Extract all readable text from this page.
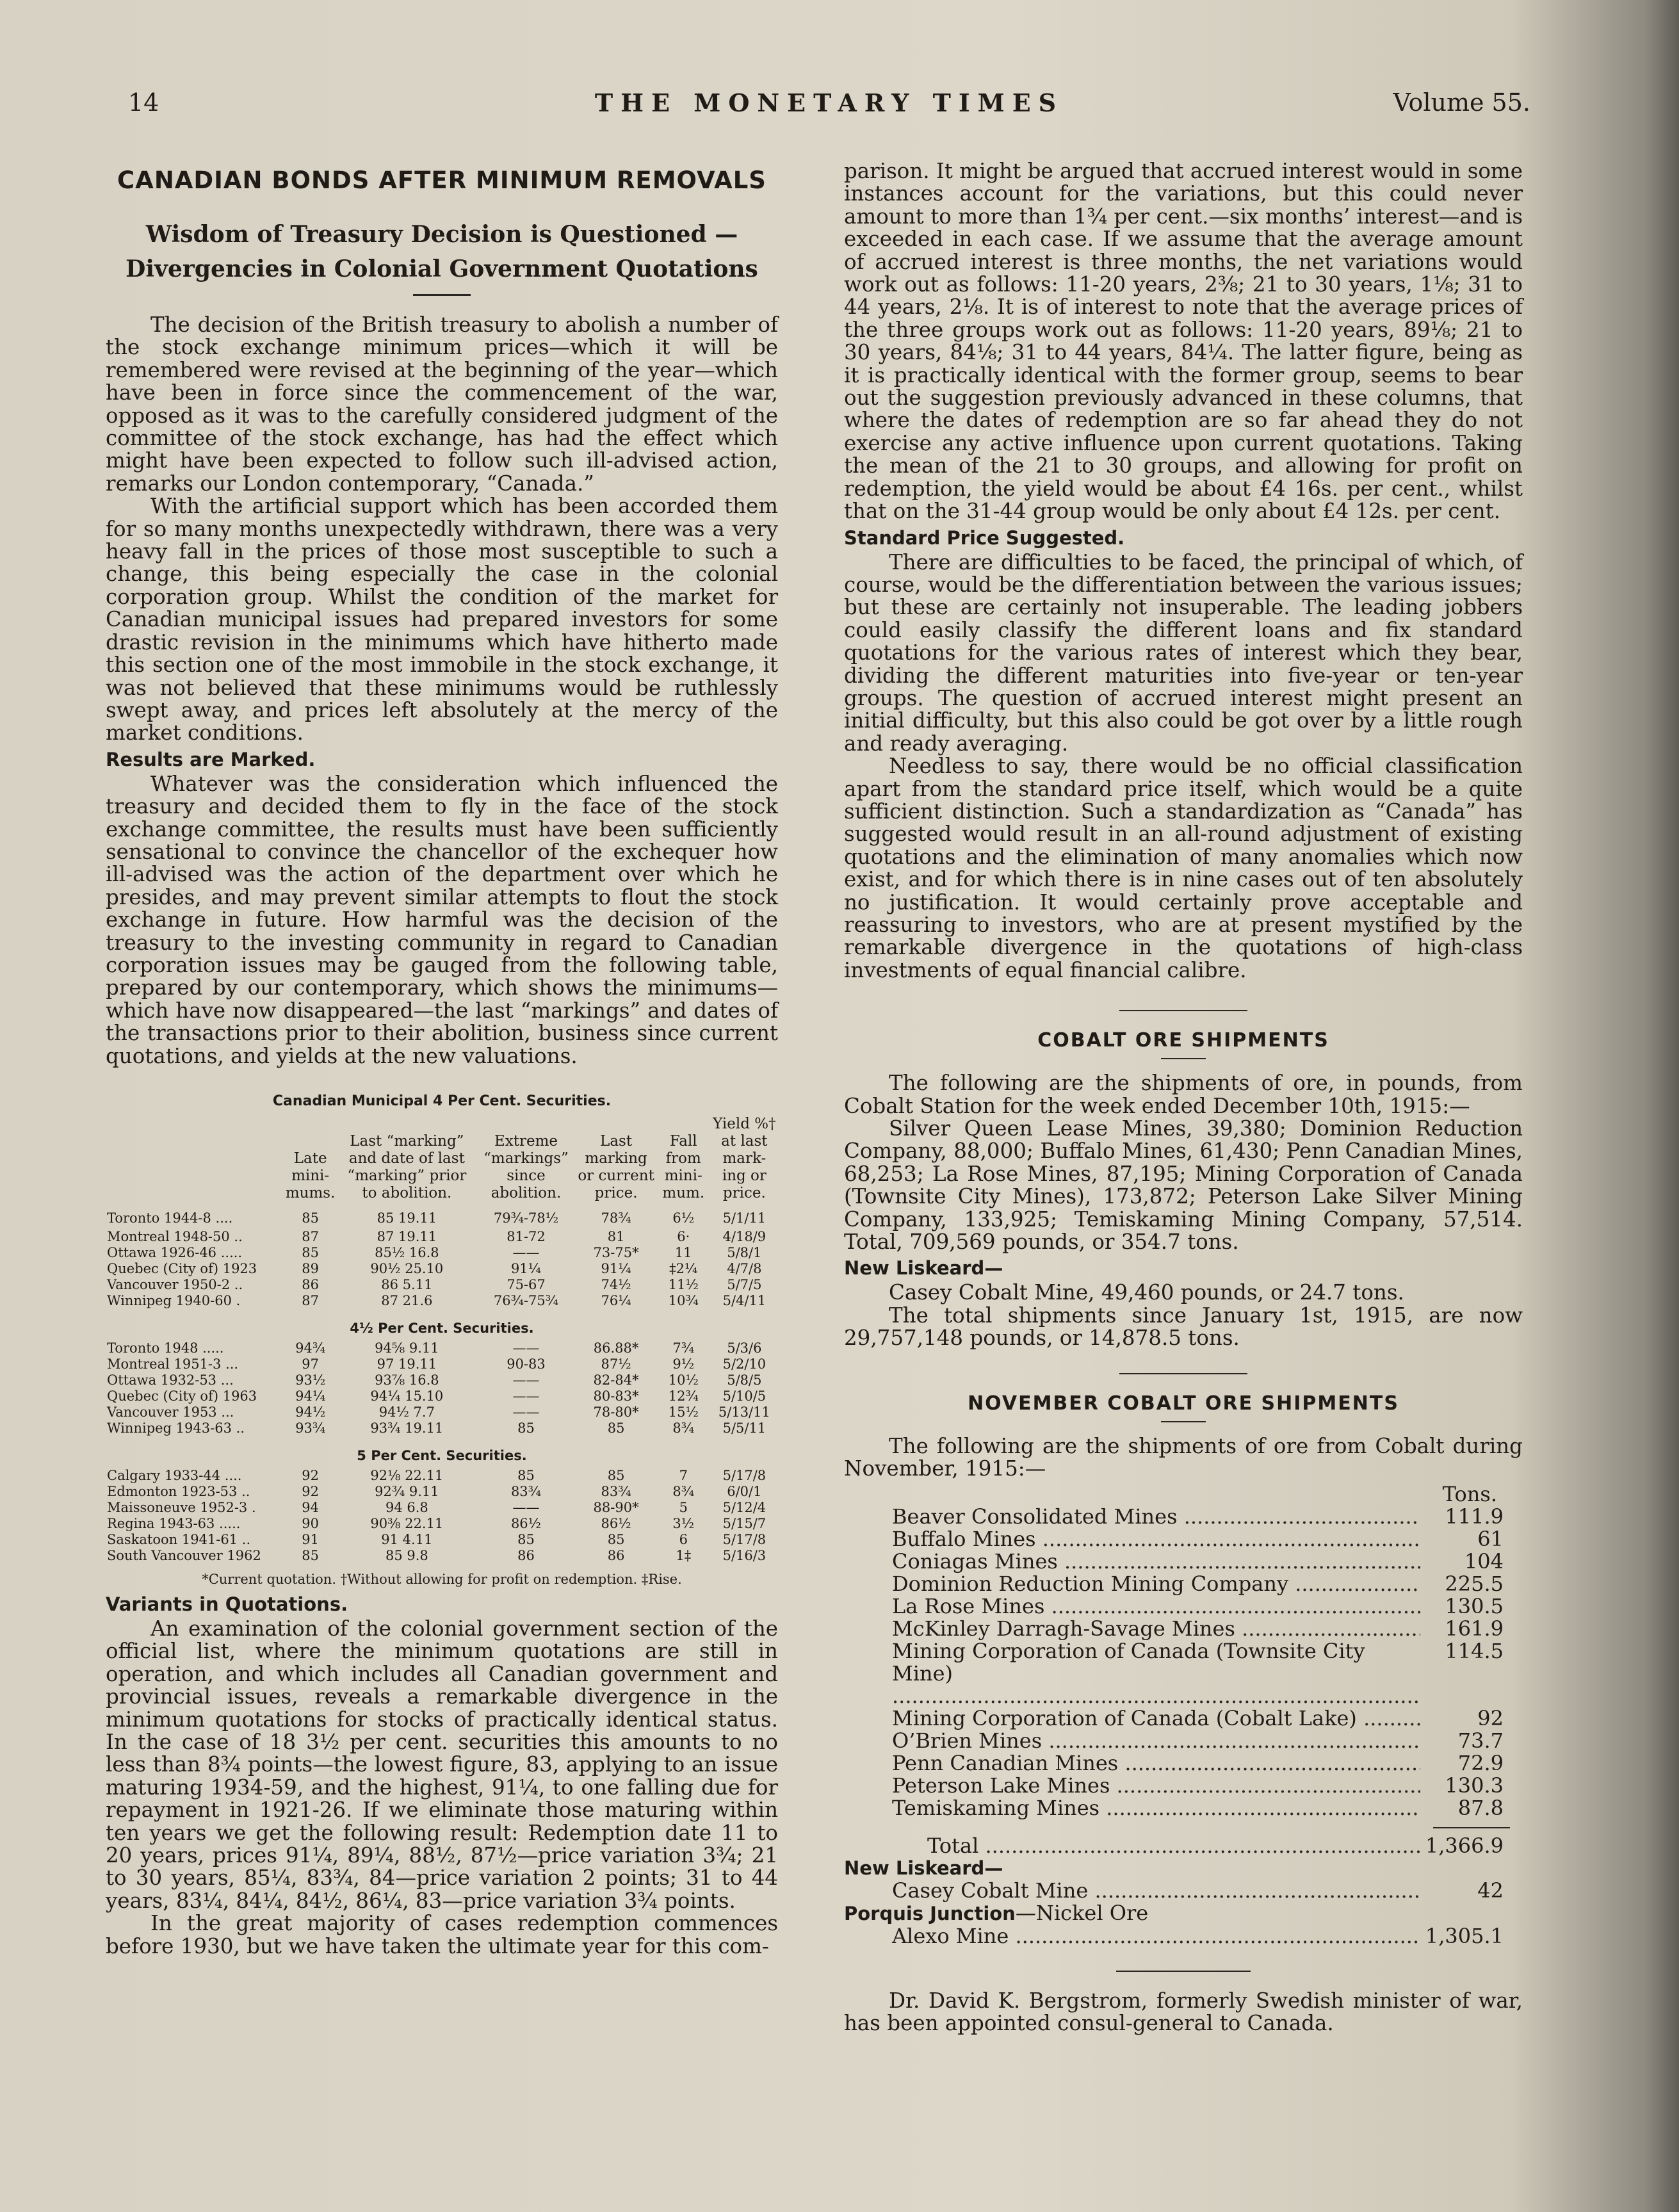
14	THE MONETARY TIMES	Volume 55.
CANADIAN BONDS AFTER MINIMUM REMOVALS
Wisdom of Treasury Decision is Questioned — Divergencies in Colonial Government Quotations

The decision of the British treasury to abolish a number of the stock exchange minimum prices—which it will be remembered were revised at the beginning of the year—which have been in force since the commencement of the war, opposed as it was to the carefully considered judgment of the committee of the stock exchange, has had the effect which might have been expected to follow such ill-advised action, remarks our London contemporary, “Canada.”

With the artificial support which has been accorded them for so many months unexpectedly withdrawn, there was a very heavy fall in the prices of those most susceptible to such a change, this being especially the case in the colonial corporation group. Whilst the condition of the market for Canadian municipal issues had prepared investors for some drastic revision in the minimums which have hitherto made this section one of the most immobile in the stock exchange, it was not believed that these minimums would be ruthlessly swept away, and prices left absolutely at the mercy of the market conditions.

Results are Marked.

Whatever was the consideration which influenced the treasury and decided them to fly in the face of the stock exchange committee, the results must have been sufficiently sensational to convince the chancellor of the exchequer how ill-advised was the action of the department over which he presides, and may prevent similar attempts to flout the stock exchange in future. How harmful was the decision of the treasury to the investing community in regard to Canadian corporation issues may be gauged from the following table, prepared by our contemporary, which shows the minimums—which have now disappeared—the last “markings” and dates of the transactions prior to their abolition, business since current quotations, and yields at the new valuations.

Canadian Municipal 4 Per Cent. Securities.
	Late mini-mums.	Last “marking” and date of last “marking” prior to abolition.	Extreme “markings” since abolition.	Last marking or current price.	Fall from mini-mum.	Yield %† at last mark-ing or price.
Toronto 1944-8 ....	85	85 19.11	79¾-78½	78¾	6½	5/1/11
Montreal 1948-50 ..	87	87 19.11	81-72	81	6·	4/18/9
Ottawa 1926-46 .....	85	85½ 16.8	——	73-75*	11	5/8/1
Quebec (City of) 1923	89	90½ 25.10	91¼	91¼	‡2¼	4/7/8
Vancouver 1950-2 ..	86	86 5.11	75-67	74½	11½	5/7/5
Winnipeg 1940-60 .	87	87 21.6	76¾-75¾	76¼	10¾	5/4/11
4½ Per Cent. Securities.						
Toronto 1948 .....	94¾	94⅝ 9.11	——	86.88*	7¾	5/3/6
Montreal 1951-3 ...	97	97 19.11	90-83	87½	9½	5/2/10
Ottawa 1932-53 ...	93½	93⅞ 16.8	——	82-84*	10½	5/8/5
Quebec (City of) 1963	94¼	94¼ 15.10	——	80-83*	12¾	5/10/5
Vancouver 1953 ...	94½	94½ 7.7	——	78-80*	15½	5/13/11
Winnipeg 1943-63 ..	93¾	93¾ 19.11	85	85	8¾	5/5/11
5 Per Cent. Securities.						
Calgary 1933-44 ....	92	92⅛ 22.11	85	85	7	5/17/8
Edmonton 1923-53 ..	92	92¾ 9.11	83¾	83¾	8¾	6/0/1
Maissoneuve 1952-3 .	94	94 6.8	——	88-90*	5	5/12/4
Regina 1943-63 .....	90	90⅜ 22.11	86½	86½	3½	5/15/7
Saskatoon 1941-61 ..	91	91 4.11	85	85	6	5/17/8
South Vancouver 1962	85	85 9.8	86	86	1‡	5/16/3
*Current quotation. †Without allowing for profit on redemption. ‡Rise.
Variants in Quotations.

An examination of the colonial government section of the official list, where the minimum quotations are still in operation, and which includes all Canadian government and provincial issues, reveals a remarkable divergence in the minimum quotations for stocks of practically identical status. In the case of 18 3½ per cent. securities this amounts to no less than 8¾ points—the lowest figure, 83, applying to an issue maturing 1934-59, and the highest, 91¼, to one falling due for repayment in 1921-26. If we eliminate those maturing within ten years we get the following result: Redemption date 11 to 20 years, prices 91¼, 89¼, 88½, 87½—price variation 3¾; 21 to 30 years, 85¼, 83¾, 84—price variation 2 points; 31 to 44 years, 83¼, 84¼, 84½, 86¼, 83—price variation 3¾ points.

In the great majority of cases redemption commences before 1930, but we have taken the ultimate year for this com-

parison. It might be argued that accrued interest would in some instances account for the variations, but this could never amount to more than 1¾ per cent.—six months’ interest—and is exceeded in each case. If we assume that the average amount of accrued interest is three months, the net variations would work out as follows: 11-20 years, 2⅜; 21 to 30 years, 1⅛; 31 to 44 years, 2⅛. It is of interest to note that the average prices of the three groups work out as follows: 11-20 years, 89⅛; 21 to 30 years, 84⅛; 31 to 44 years, 84¼. The latter figure, being as it is practically identical with the former group, seems to bear out the suggestion previously advanced in these columns, that where the dates of redemption are so far ahead they do not exercise any active influence upon current quotations. Taking the mean of the 21 to 30 groups, and allowing for profit on redemption, the yield would be about £4 16s. per cent., whilst that on the 31-44 group would be only about £4 12s. per cent.

Standard Price Suggested.

There are difficulties to be faced, the principal of which, of course, would be the differentiation between the various issues; but these are certainly not insuperable. The leading jobbers could easily classify the different loans and fix standard quotations for the various rates of interest which they bear, dividing the different maturities into five-year or ten-year groups. The question of accrued interest might present an initial difficulty, but this also could be got over by a little rough and ready averaging.

Needless to say, there would be no official classification apart from the standard price itself, which would be a quite sufficient distinction. Such a standardization as “Canada” has suggested would result in an all-round adjustment of existing quotations and the elimination of many anomalies which now exist, and for which there is in nine cases out of ten absolutely no justification. It would certainly prove acceptable and reassuring to investors, who are at present mystified by the remarkable divergence in the quotations of high-class investments of equal financial calibre.

COBALT ORE SHIPMENTS

The following are the shipments of ore, in pounds, from Cobalt Station for the week ended December 10th, 1915:—

Silver Queen Lease Mines, 39,380; Dominion Reduction Company, 88,000; Buffalo Mines, 61,430; Penn Canadian Mines, 68,253; La Rose Mines, 87,195; Mining Corporation of Canada (Townsite City Mines), 173,872; Peterson Lake Silver Mining Company, 133,925; Temiskaming Mining Company, 57,514. Total, 709,569 pounds, or 354.7 tons.

New Liskeard—

Casey Cobalt Mine, 49,460 pounds, or 24.7 tons.

The total shipments since January 1st, 1915, are now 29,757,148 pounds, or 14,878.5 tons.

NOVEMBER COBALT ORE SHIPMENTS

The following are the shipments of ore from Cobalt during November, 1915:—

Tons.
Beaver Consolidated Mines .....	111.9
Buffalo Mines .....	61
Coniagas Mines .....	104
Dominion Reduction Mining Company .....	225.5
La Rose Mines .....	130.5
McKinley Darragh-Savage Mines .....	161.9
Mining Corporation of Canada (Townsite City Mine) .....
114.5
Mining Corporation of Canada (Cobalt Lake) .....	92
O’Brien Mines .....	73.7
Penn Canadian Mines .....	72.9
Peterson Lake Mines .....	130.3
Temiskaming Mines .....	87.8
Total .....	1,366.9
New Liskeard—
Casey Cobalt Mine .....	42
Porquis Junction—Nickel Ore
Alexo Mine .....	1,305.1

Dr. David K. Bergstrom, formerly Swedish minister of war, has been appointed consul-general to Canada.
